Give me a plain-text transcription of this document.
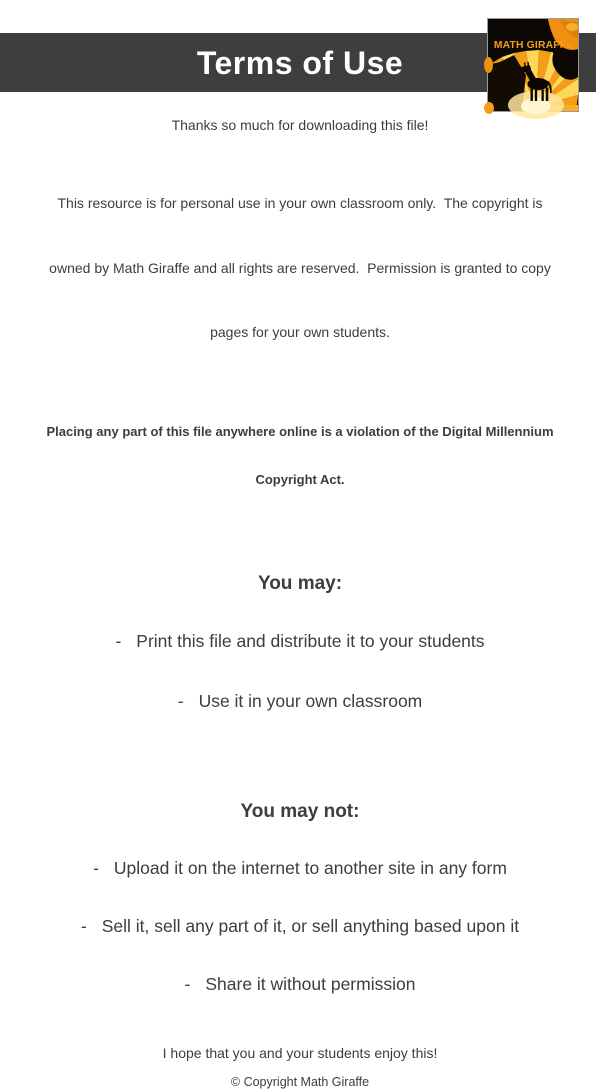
Terms of Use	MATH GIRAFFe

Thanks so much for downloading this file!

This resource is for personal use in your own classroom only.  The copyright is

owned by Math Giraffe and all rights are reserved.  Permission is granted to copy

pages for your own students.

Placing any part of this file anywhere online is a violation of the Digital Millennium

Copyright Act.

You may:

- Print this file and distribute it to your students

- Use it in your own classroom

You may not:

- Upload it on the internet to another site in any form

- Sell it, sell any part of it, or sell anything based upon it

- Share it without permission

I hope that you and your students enjoy this!

© Copyright Math Giraffe
